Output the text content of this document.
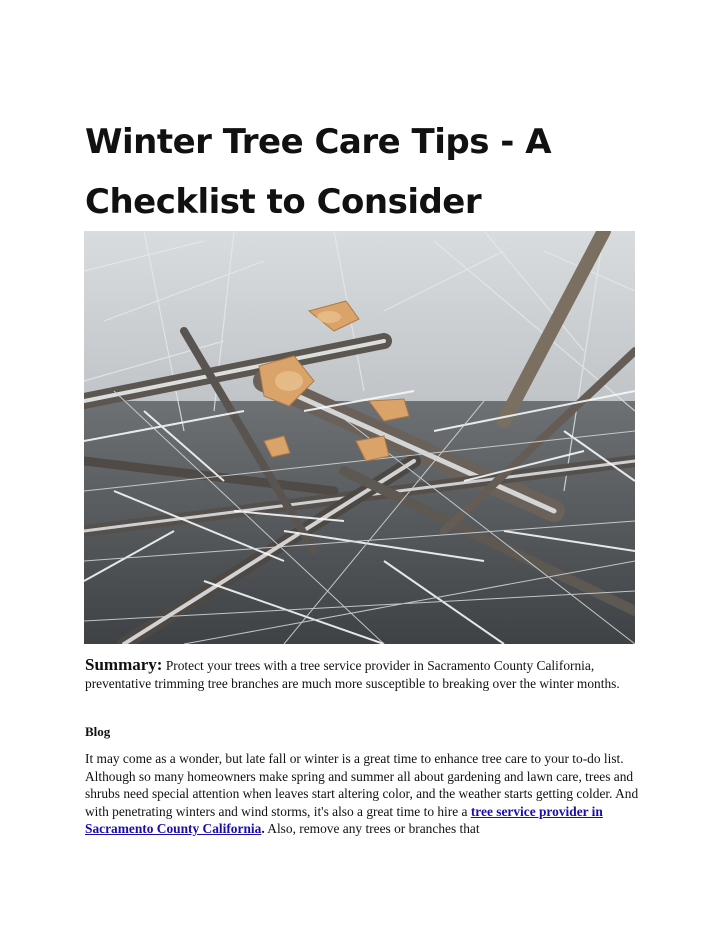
Winter Tree Care Tips - A Checklist to Consider

Summary: Protect your trees with a tree service provider in Sacramento County California, preventative trimming tree branches are much more susceptible to breaking over the winter months.

Blog

It may come as a wonder, but late fall or winter is a great time to enhance tree care to your to-do list. Although so many homeowners make spring and summer all about gardening and lawn care, trees and shrubs need special attention when leaves start altering color, and the weather starts getting colder. And with penetrating winters and wind storms, it's also a great time to hire a tree service provider in Sacramento County California. Also, remove any trees or branches that
